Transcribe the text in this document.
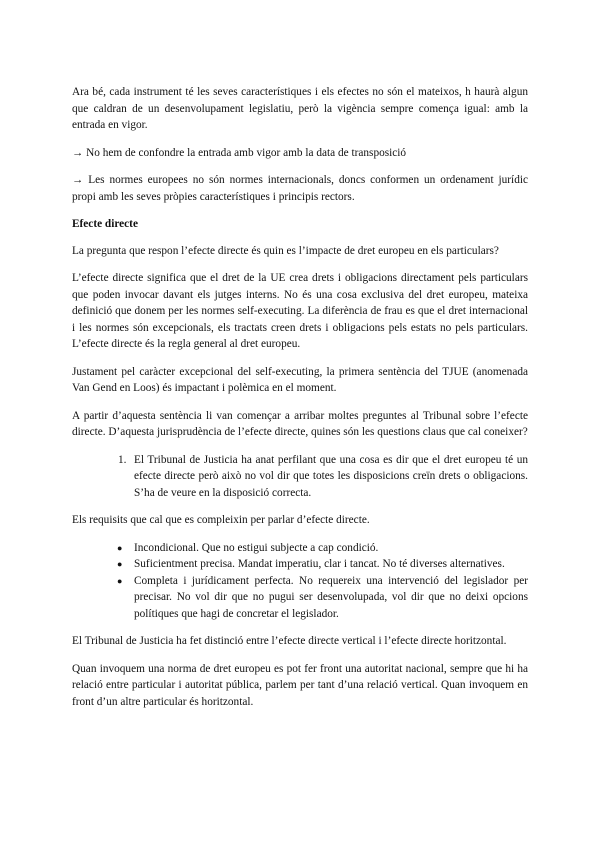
Ara bé, cada instrument té les seves característiques i els efectes no són el mateixos, h haurà algun que caldran de un desenvolupament legislatiu, però la vigència sempre comença igual: amb la entrada en vigor.

→ No hem de confondre la entrada amb vigor amb la data de transposició

→ Les normes europees no són normes internacionals, doncs conformen un ordenament jurídic propi amb les seves pròpies característiques i principis rectors.

Efecte directe

La pregunta que respon l’efecte directe és quin es l’impacte de dret europeu en els particulars?

L’efecte directe significa que el dret de la UE crea drets i obligacions directament pels particulars que poden invocar davant els jutges interns. No és una cosa exclusiva del dret europeu, mateixa definició que donem per les normes self-executing. La diferència de frau es que el dret internacional i les normes són excepcionals, els tractats creen drets i obligacions pels estats no pels particulars. L’efecte directe és la regla general al dret europeu.

Justament pel caràcter excepcional del self-executing, la primera sentència del TJUE (anomenada Van Gend en Loos) és impactant i polèmica en el moment.

A partir d’aquesta sentència li van començar a arribar moltes preguntes al Tribunal sobre l’efecte directe. D’aquesta jurisprudència de l’efecte directe, quines són les questions claus que cal coneixer?

1. El Tribunal de Justicia ha anat perfilant que una cosa es dir que el dret europeu té un efecte directe però això no vol dir que totes les disposicions creïn drets o obligacions. S’ha de veure en la disposició correcta.

Els requisits que cal que es compleixin per parlar d’efecte directe.

● Incondicional. Que no estigui subjecte a cap condició.
● Suficientment precisa. Mandat imperatiu, clar i tancat. No té diverses alternatives.
● Completa i jurídicament perfecta. No requereix una intervenció del legislador per precisar. No vol dir que no pugui ser desenvolupada, vol dir que no deixi opcions polítiques que hagi de concretar el legislador.

El Tribunal de Justicia ha fet distinció entre l’efecte directe vertical i l’efecte directe horitzontal.

Quan invoquem una norma de dret europeu es pot fer front una autoritat nacional, sempre que hi ha relació entre particular i autoritat pública, parlem per tant d’una relació vertical. Quan invoquem en front d’un altre particular és horitzontal.
